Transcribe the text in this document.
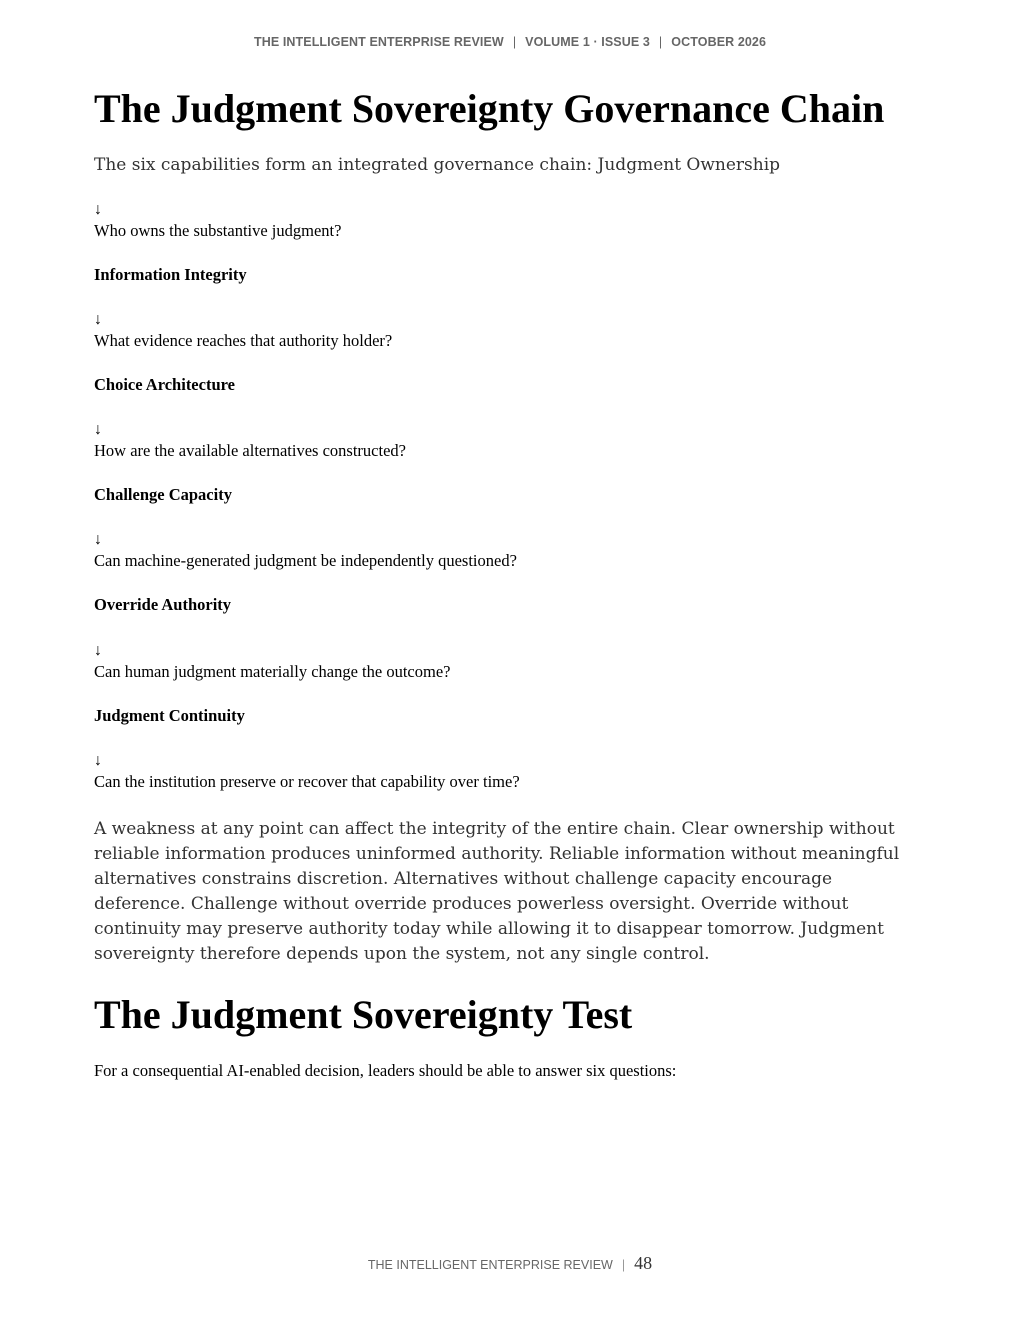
THE INTELLIGENT ENTERPRISE REVIEW | VOLUME 1 · ISSUE 3 | OCTOBER 2026
The Judgment Sovereignty Governance Chain

The six capabilities form an integrated governance chain: Judgment Ownership

↓
Who owns the substantive judgment?
Information Integrity
↓
What evidence reaches that authority holder?
Choice Architecture
↓
How are the available alternatives constructed?
Challenge Capacity
↓
Can machine-generated judgment be independently questioned?
Override Authority
↓
Can human judgment materially change the outcome?
Judgment Continuity
↓
Can the institution preserve or recover that capability over time?

A weakness at any point can affect the integrity of the entire chain. Clear ownership without reliable information produces uninformed authority. Reliable information without meaningful alternatives constrains discretion. Alternatives without challenge capacity encourage deference. Challenge without override produces powerless oversight. Override without continuity may preserve authority today while allowing it to disappear tomorrow. Judgment sovereignty therefore depends upon the system, not any single control.

The Judgment Sovereignty Test

For a consequential AI-enabled decision, leaders should be able to answer six questions:

THE INTELLIGENT ENTERPRISE REVIEW | 48
